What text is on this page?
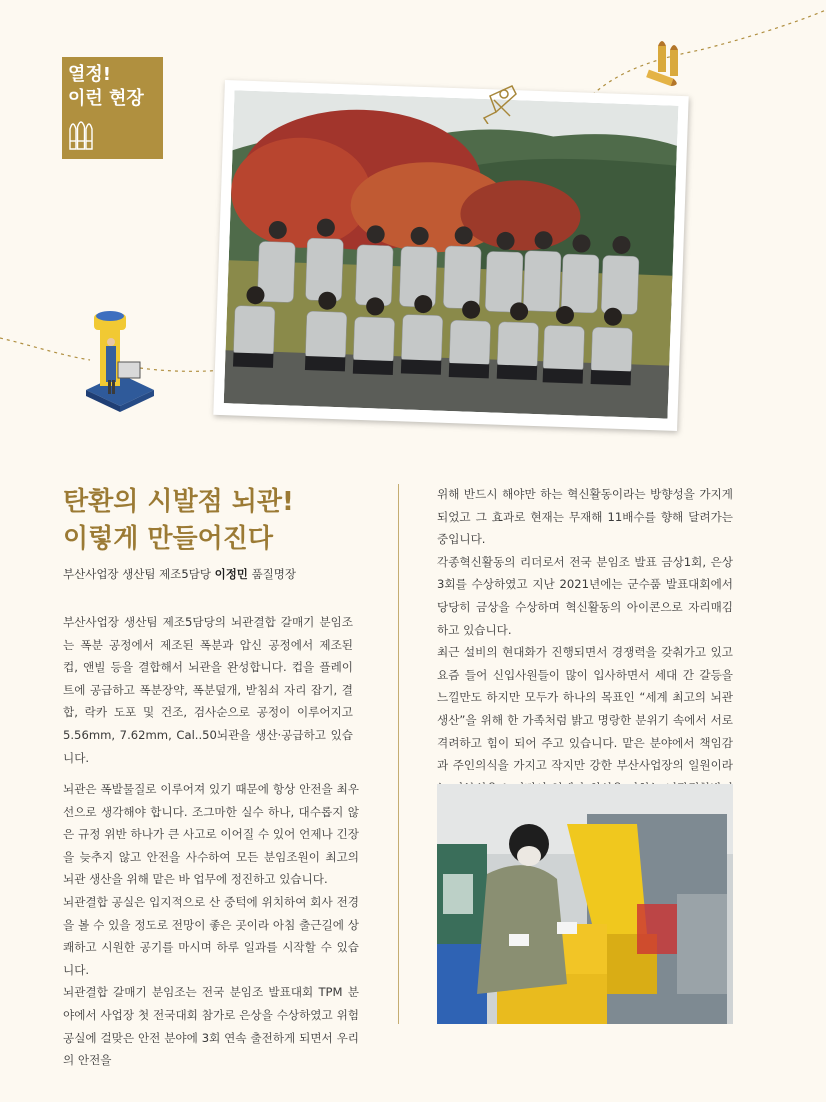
열정!
이런 현장
탄환의 시발점 뇌관!
이렇게 만들어진다
부산사업장 생산팀 제조5담당 이정민 품질명장

부산사업장 생산팀 제조5담당의 뇌관결합 갈매기 분임조는 폭분 공정에서 제조된 폭분과 압신 공정에서 제조된 컵, 앤빌 등을 결합해서 뇌관을 완성합니다. 컵을 플레이트에 공급하고 폭분장약, 폭분덮개, 받침쇠 자리 잡기, 결합, 락카 도포 및 건조, 검사순으로 공정이 이루어지고 5.56mm, 7.62mm, Cal..50뇌관을 생산·공급하고 있습니다.

뇌관은 폭발물질로 이루어져 있기 때문에 항상 안전을 최우선으로 생각해야 합니다. 조그마한 실수 하나, 대수롭지 않은 규정 위반 하나가 큰 사고로 이어질 수 있어 언제나 긴장을 늦추지 않고 안전을 사수하여 모든 분임조원이 최고의 뇌관 생산을 위해 맡은 바 업무에 정진하고 있습니다.

뇌관결합 공실은 입지적으로 산 중턱에 위치하여 회사 전경을 볼 수 있을 정도로 전망이 좋은 곳이라 아침 출근길에 상쾌하고 시원한 공기를 마시며 하루 일과를 시작할 수 있습니다.

뇌관결합 갈매기 분임조는 전국 분임조 발표대회 TPM 분야에서 사업장 첫 전국대회 참가로 은상을 수상하였고 위험공실에 걸맞은 안전 분야에 3회 연속 출전하게 되면서 우리의 안전을

위해 반드시 해야만 하는 혁신활동이라는 방향성을 가지게 되었고 그 효과로 현재는 무재해 11배수를 향해 달려가는 중입니다.

각종혁신활동의 리더로서 전국 분임조 발표 금상1회, 은상3회를 수상하였고 지난 2021년에는 군수품 발표대회에서 당당히 금상을 수상하며 혁신활동의 아이콘으로 자리매김하고 있습니다.

최근 설비의 현대화가 진행되면서 경쟁력을 갖춰가고 있고 요즘 들어 신입사원들이 많이 입사하면서 세대 간 갈등을 느낄만도 하지만 모두가 하나의 목표인 “세계 최고의 뇌관 생산”을 위해 한 가족처럼 밝고 명랑한 분위기 속에서 서로 격려하고 힘이 되어 주고 있습니다. 맡은 분야에서 책임감과 주인의식을 가지고 작지만 강한 부산사업장의 일원이라
